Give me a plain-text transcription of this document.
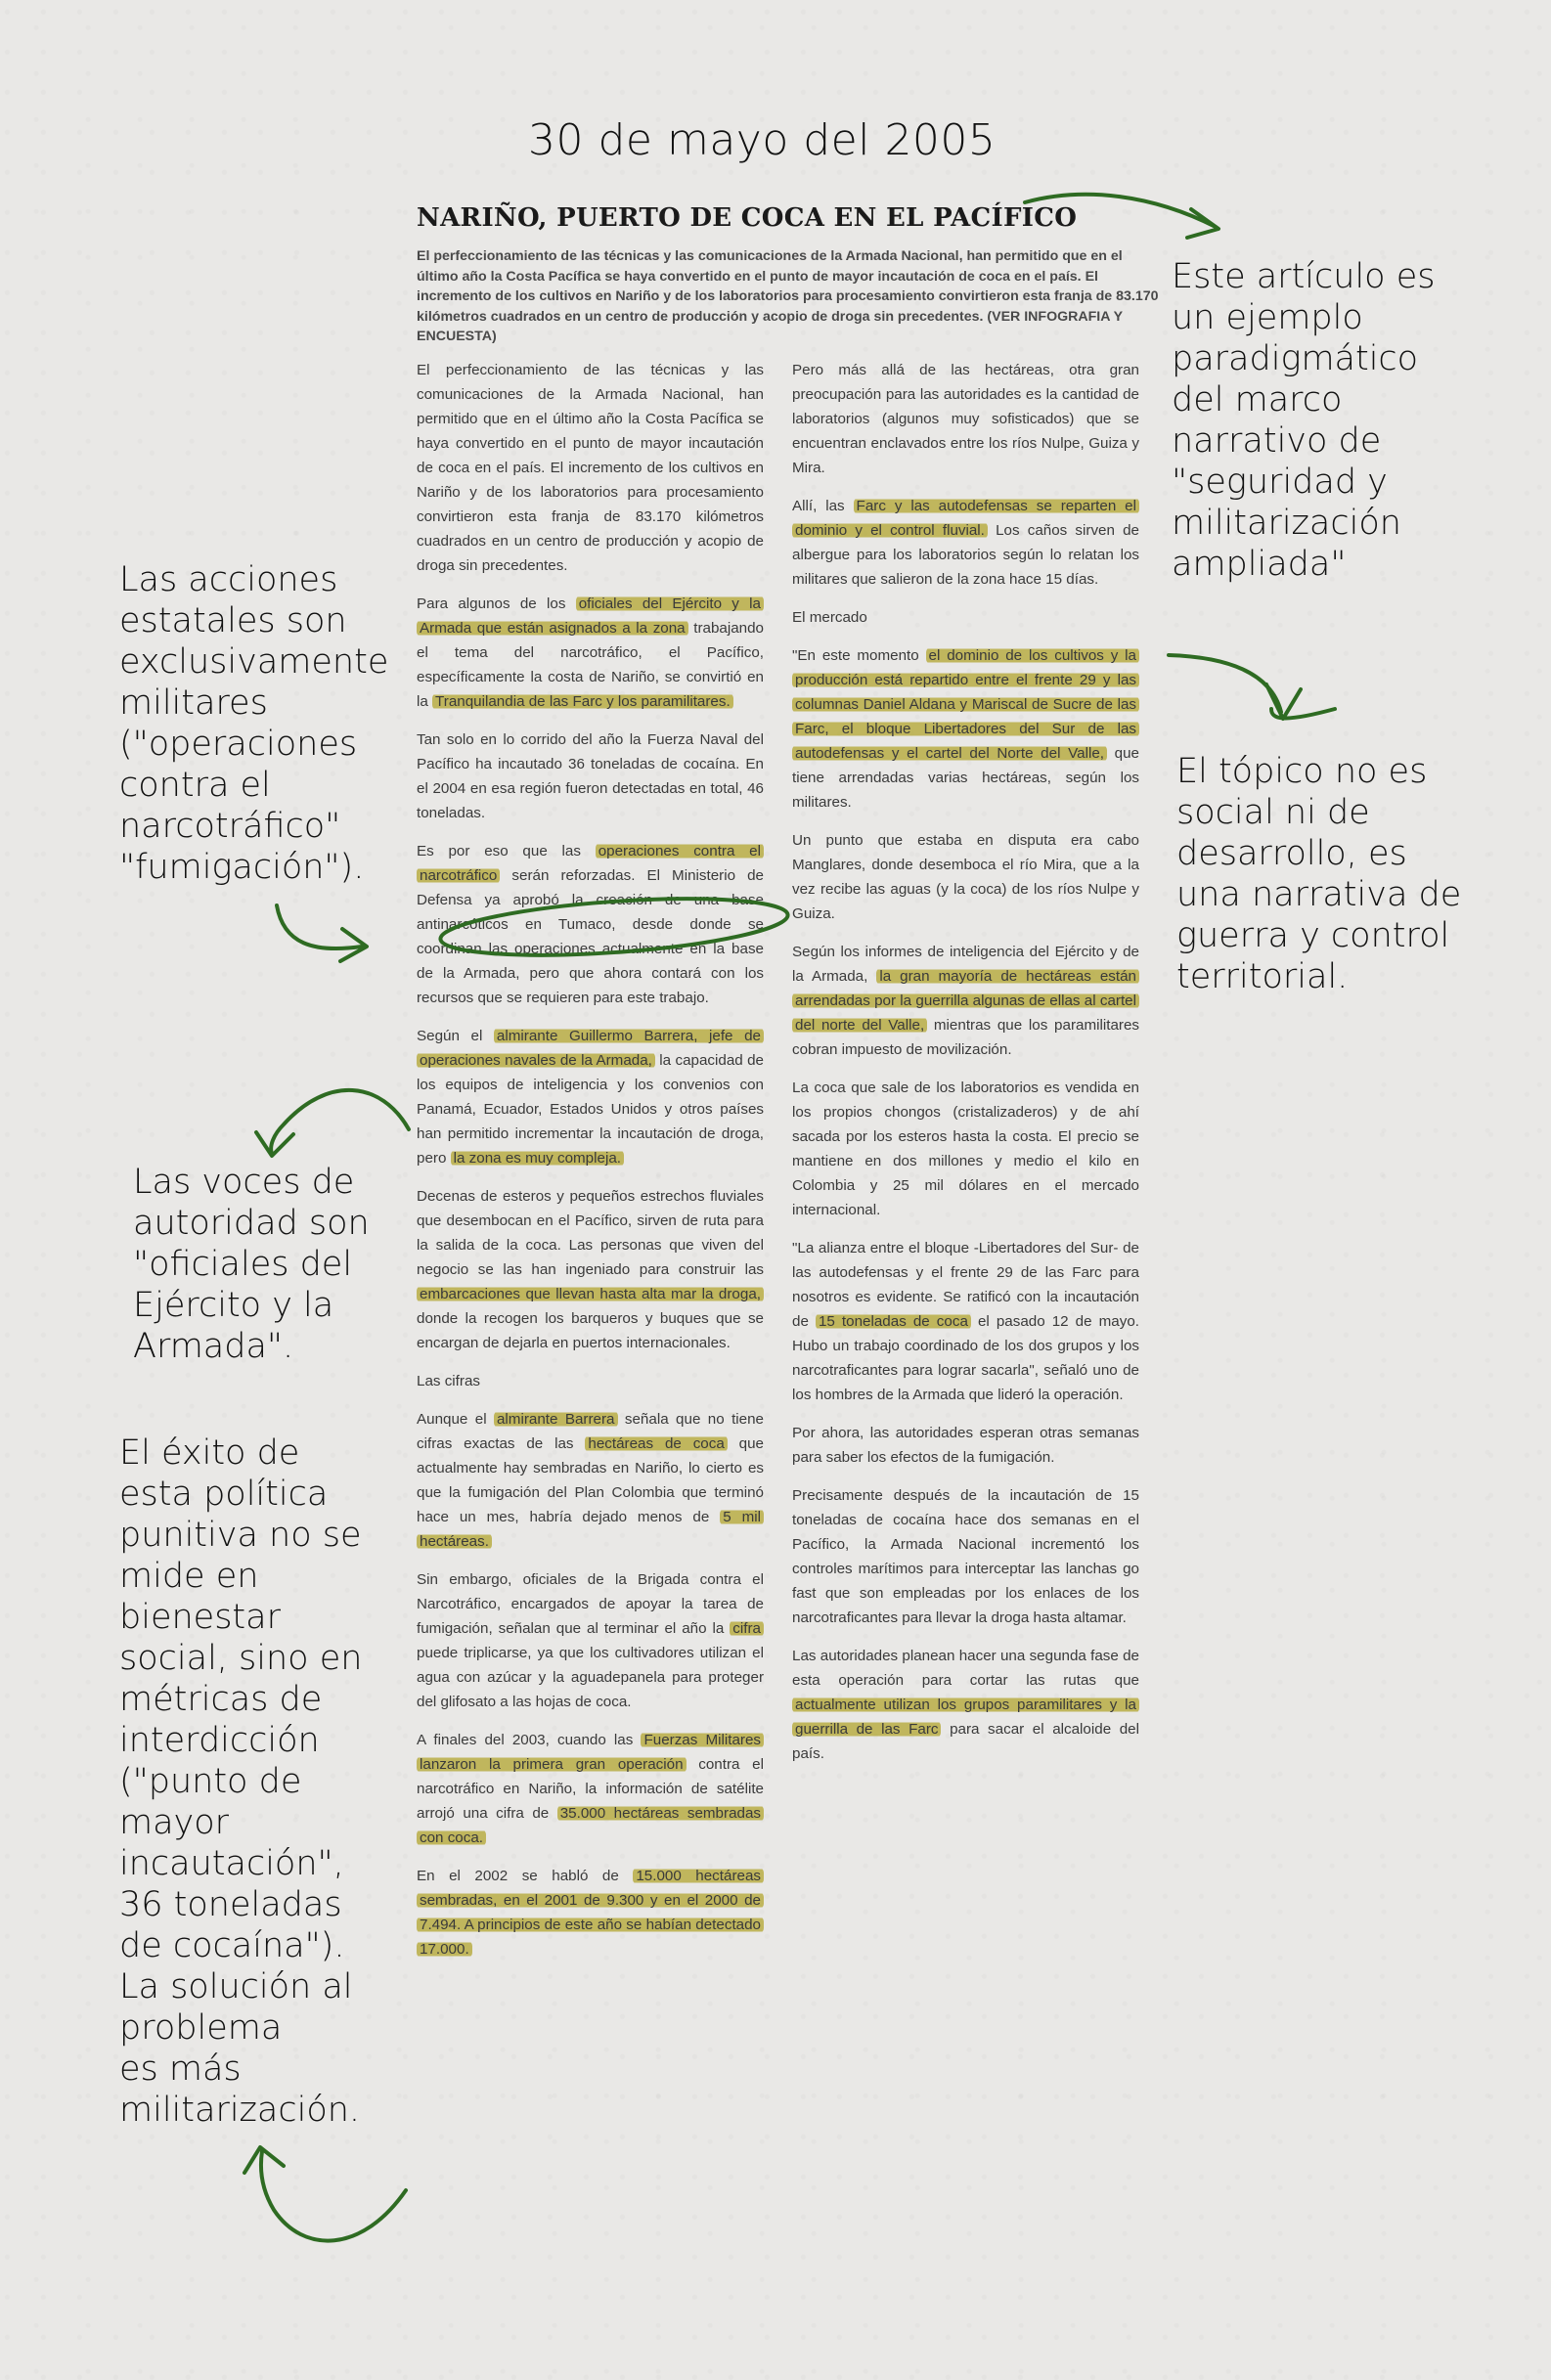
30 de mayo del 2005
NARIÑO, PUERTO DE COCA EN EL PACÍFICO
El perfeccionamiento de las técnicas y las comunicaciones de la Armada Nacional, han permitido que en el último año la Costa Pacífica se haya convertido en el punto de mayor incautación de coca en el país. El incremento de los cultivos en Nariño y de los laboratorios para procesamiento convirtieron esta franja de 83.170 kilómetros cuadrados en un centro de producción y acopio de droga sin precedentes. (VER INFOGRAFIA Y ENCUESTA)

El perfeccionamiento de las técnicas y las comunicaciones de la Armada Nacional, han permitido que en el último año la Costa Pacífica se haya convertido en el punto de mayor incautación de coca en el país. El incremento de los cultivos en Nariño y de los laboratorios para procesamiento convirtieron esta franja de 83.170 kilómetros cuadrados en un centro de producción y acopio de droga sin precedentes.

Para algunos de los oficiales del Ejército y la Armada que están asignados a la zona trabajando el tema del narcotráfico, el Pacífico, específicamente la costa de Nariño, se convirtió en la Tranquilandia de las Farc y los paramilitares.

Tan solo en lo corrido del año la Fuerza Naval del Pacífico ha incautado 36 toneladas de cocaína. En el 2004 en esa región fueron detectadas en total, 46 toneladas.

Es por eso que las operaciones contra el narcotráfico serán reforzadas. El Ministerio de Defensa ya aprobó la creación de una base antinarcóticos en Tumaco, desde donde se coordinan las operaciones actualmente en la base de la Armada, pero que ahora contará con los recursos que se requieren para este trabajo.

Según el almirante Guillermo Barrera, jefe de operaciones navales de la Armada, la capacidad de los equipos de inteligencia y los convenios con Panamá, Ecuador, Estados Unidos y otros países han permitido incrementar la incautación de droga, pero la zona es muy compleja.

Decenas de esteros y pequeños estrechos fluviales que desembocan en el Pacífico, sirven de ruta para la salida de la coca. Las personas que viven del negocio se las han ingeniado para construir las embarcaciones que llevan hasta alta mar la droga, donde la recogen los barqueros y buques que se encargan de dejarla en puertos internacionales.

Las cifras

Aunque el almirante Barrera señala que no tiene cifras exactas de las hectáreas de coca que actualmente hay sembradas en Nariño, lo cierto es que la fumigación del Plan Colombia que terminó hace un mes, habría dejado menos de 5 mil hectáreas.

Sin embargo, oficiales de la Brigada contra el Narcotráfico, encargados de apoyar la tarea de fumigación, señalan que al terminar el año la cifra puede triplicarse, ya que los cultivadores utilizan el agua con azúcar y la aguadepanela para proteger del glifosato a las hojas de coca.

A finales del 2003, cuando las Fuerzas Militares lanzaron la primera gran operación contra el narcotráfico en Nariño, la información de satélite arrojó una cifra de 35.000 hectáreas sembradas con coca.

En el 2002 se habló de 15.000 hectáreas sembradas, en el 2001 de 9.300 y en el 2000 de 7.494. A principios de este año se habían detectado 17.000.

Pero más allá de las hectáreas, otra gran preocupación para las autoridades es la cantidad de laboratorios (algunos muy sofisticados) que se encuentran enclavados entre los ríos Nulpe, Guiza y Mira.

Allí, las Farc y las autodefensas se reparten el dominio y el control fluvial. Los caños sirven de albergue para los laboratorios según lo relatan los militares que salieron de la zona hace 15 días.

El mercado

"En este momento el dominio de los cultivos y la producción está repartido entre el frente 29 y las columnas Daniel Aldana y Mariscal de Sucre de las Farc, el bloque Libertadores del Sur de las autodefensas y el cartel del Norte del Valle, que tiene arrendadas varias hectáreas, según los militares.

Un punto que estaba en disputa era cabo Manglares, donde desemboca el río Mira, que a la vez recibe las aguas (y la coca) de los ríos Nulpe y Guiza.

Según los informes de inteligencia del Ejército y de la Armada, la gran mayoría de hectáreas están arrendadas por la guerrilla algunas de ellas al cartel del norte del Valle, mientras que los paramilitares cobran impuesto de movilización.

La coca que sale de los laboratorios es vendida en los propios chongos (cristalizaderos) y de ahí sacada por los esteros hasta la costa. El precio se mantiene en dos millones y medio el kilo en Colombia y 25 mil dólares en el mercado internacional.

"La alianza entre el bloque -Libertadores del Sur- de las autodefensas y el frente 29 de las Farc para nosotros es evidente. Se ratificó con la incautación de 15 toneladas de coca el pasado 12 de mayo. Hubo un trabajo coordinado de los dos grupos y los narcotraficantes para lograr sacarla", señaló uno de los hombres de la Armada que lideró la operación.

Por ahora, las autoridades esperan otras semanas para saber los efectos de la fumigación.

Precisamente después de la incautación de 15 toneladas de cocaína hace dos semanas en el Pacífico, la Armada Nacional incrementó los controles marítimos para interceptar las lanchas go fast que son empleadas por los enlaces de los narcotraficantes para llevar la droga hasta altamar.

Las autoridades planean hacer una segunda fase de esta operación para cortar las rutas que actualmente utilizan los grupos paramilitares y la guerrilla de las Farc para sacar el alcaloide del país.

Este artículo es
un ejemplo
paradigmático
del marco
narrativo de
"seguridad y
militarización
ampliada"
El tópico no es
social ni de
desarrollo, es
una narrativa de
guerra y control
territorial.
Las acciones
estatales son
exclusivamente
militares
("operaciones
contra el
narcotráfico"
"fumigación").
Las voces de
autoridad son
"oficiales del
Ejército y la
Armada".
El éxito de
esta política
punitiva no se
mide en
bienestar
social, sino en
métricas de
interdicción
("punto de
mayor
incautación",
36 toneladas
de cocaína").
La solución al
problema
es más
militarización.
